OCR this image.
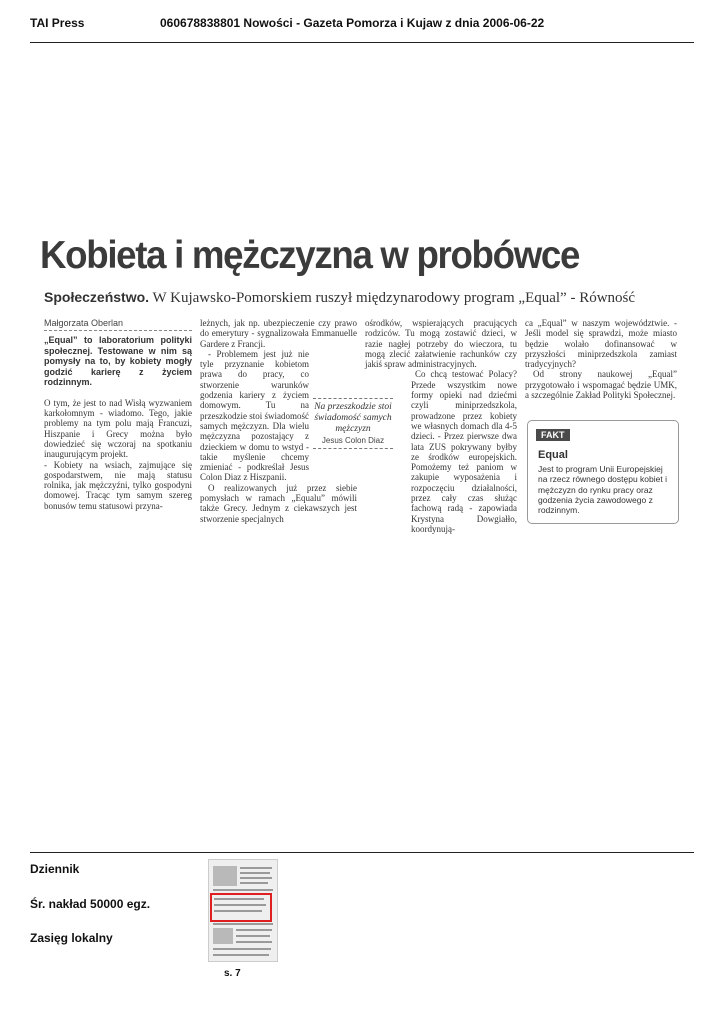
TAI Press	060678838801 Nowości - Gazeta Pomorza i Kujaw z dnia 2006-06-22
Kobieta i mężczyzna w probówce
Społeczeństwo. W Kujawsko-Pomorskiem ruszył międzynarodowy program „Equal” - Równość
Małgorzata Oberlan
„Equal” to laboratorium polityki społecznej. Testowane w nim są pomysły na to, by kobiety mogły godzić karierę z życiem rodzinnym.

O tym, że jest to nad Wisłą wyzwaniem karkołomnym - wiadomo. Tego, jakie problemy na tym polu mają Francuzi, Hiszpanie i Grecy można było dowiedzieć się wczoraj na spotkaniu inaugurującym projekt.

- Kobiety na wsiach, zajmujące się gospodarstwem, nie mają statusu rolnika, jak mężczyźni, tylko gospodyni domowej. Tracąc tym samym szereg bonusów temu statusowi przyna-

leżnych, jak np. ubezpieczenie czy prawo do emerytury - sygnalizowała Emmanuelle Gardere z Francji.

- Problemem jest już nie tyle przyznanie kobietom prawa do pracy, co stworzenie warunków godzenia kariery z życiem domowym. Tu na przeszkodzie stoi świadomość samych mężczyzn. Dla wielu mężczyzna pozostający z dzieckiem w domu to wstyd - takie myślenie chcemy zmieniać - podkreślał Jesus Colon Diaz z Hiszpanii.

O realizowanych już przez siebie pomysłach w ramach „Equalu” mówili także Grecy. Jednym z ciekawszych jest stworzenie specjalnych

ośrodków, wspierających pracujących rodziców. Tu mogą zostawić dzieci, w razie nagłej potrzeby do wieczora, tu mogą zlecić załatwienie rachunków czy jakiś spraw administracyjnych.

Co chcą testować Polacy? Przede wszystkim nowe formy opieki nad dziećmi czyli miniprzedszkola, prowadzone przez kobiety we własnych domach dla 4-5 dzieci. - Przez pierwsze dwa lata ZUS pokrywany byłby ze środków europejskich. Pomożemy też paniom w zakupie wyposażenia i rozpoczęciu działalności, przez cały czas służąc fachową radą - zapowiada Krystyna Dowgiałło, koordynują-

ca „Equal” w naszym województwie. - Jeśli model się sprawdzi, może miasto będzie wolało dofinansować w przyszłości miniprzedszkola zamiast tradycyjnych?

Od strony naukowej „Equal” przygotowało i wspomagać będzie UMK, a szczególnie Zakład Polityki Społecznej.

Na przeszkodzie stoi świadomość samych mężczyzn
Jesus Colon Diaz
FAKT
Equal
Jest to program Unii Europejskiej na rzecz równego dostępu kobiet i mężczyzn do rynku pracy oraz godzenia życia zawodowego z rodzinnym.
Dziennik
Śr. nakład 50000 egz.
Zasięg lokalny
s. 7
